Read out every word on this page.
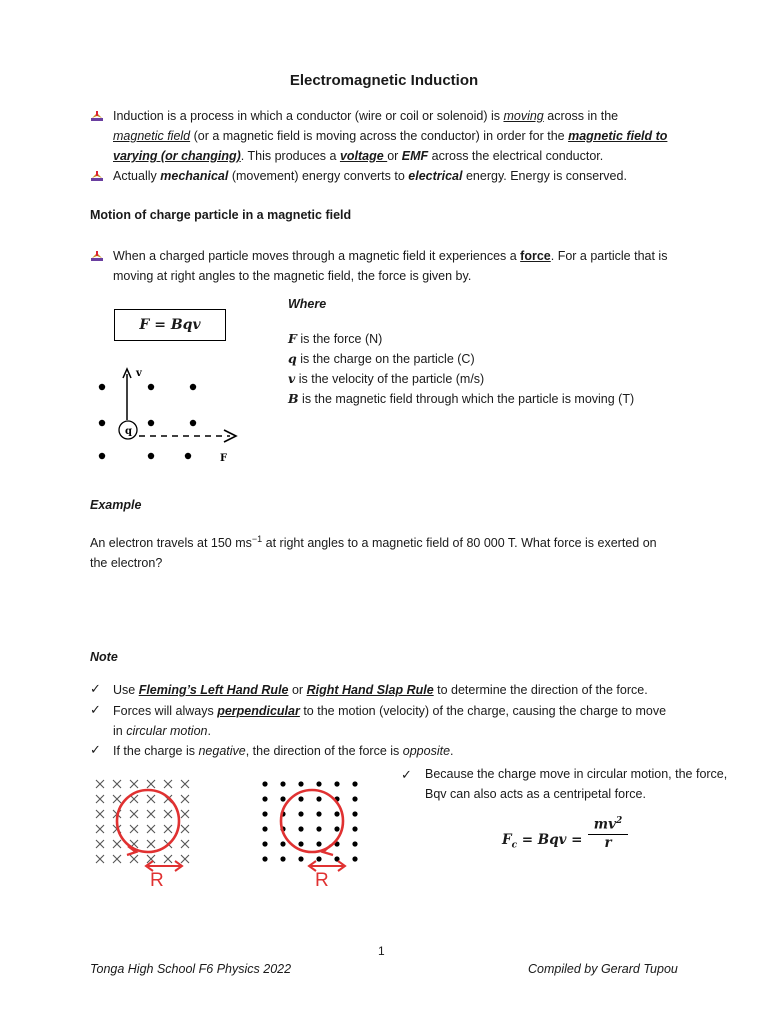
Electromagnetic Induction
Induction is a process in which a conductor (wire or coil or solenoid) is moving across in the
magnetic field (or a magnetic field is moving across the conductor) in order for the magnetic field to
varying (or changing). This produces a voltage or EMF across the electrical conductor.
Actually mechanical (movement) energy converts to electrical energy. Energy is conserved.
Motion of charge particle in a magnetic field
When a charged particle moves through a magnetic field it experiences a force. For a particle that is
moving at right angles to the magnetic field, the force is given by.
F = Bqv
Where
F is the force (N)
q is the charge on the particle (C)
v is the velocity of the particle (m/s)
B is the magnetic field through which the particle is moving (T)
v
q
F
Example
An electron travels at 150 $ms^{-1}$ at right angles to a magnetic field of 80 000 T. What force is exerted on
the electron?
Note
✓ Use Fleming’s Left Hand Rule or Right Hand Slap Rule to determine the direction of the force.
✓ Forces will always perpendicular to the motion (velocity) of the charge, causing the charge to move
in circular motion.
✓ If the charge is negative, the direction of the force is opposite.
✓ Because the charge move in circular motion, the force,
Bqv can also acts as a centripetal force.
R	R
$F_c$ = Bqv =
$mv^2$
r
1
Tonga High School F6 Physics 2022	Compiled by Gerard Tupou
